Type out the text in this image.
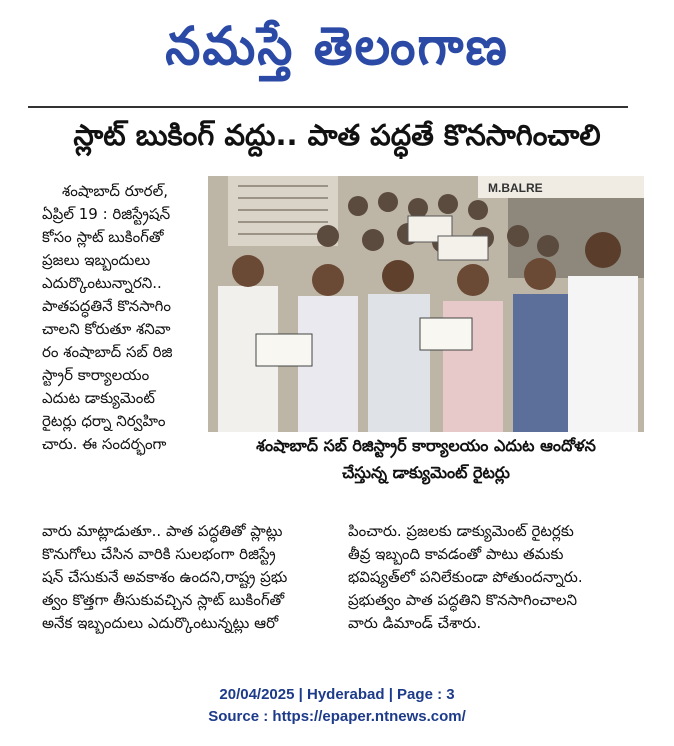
నమస్తే తెలంగాణ
స్లాట్ బుకింగ్ వద్దు.. పాత పద్ధతే కొనసాగించాలి

శంషాబాద్ రూరల్,

ఏప్రిల్ 19 : రిజిస్ట్రేషన్

కోసం స్లాట్ బుకింగ్‌తో

ప్రజలు ఇబ్బందులు

ఎదుర్కొంటున్నారని..

పాతపద్ధతినే కొనసాగిం

చాలని కోరుతూ శనివా

రం శంషాబాద్ సబ్ రిజి

స్ట్రార్ కార్యాలయం

ఎదుట డాక్యుమెంట్

రైటర్లు ధర్నా నిర్వహిం

చారు. ఈ సందర్భంగా

M.BALRE
శంషాబాద్ సబ్ రిజిస్ట్రార్ కార్యాలయం ఎదుట ఆందోళన
చేస్తున్న డాక్యుమెంట్ రైటర్లు

వారు మాట్లాడుతూ.. పాత పద్ధతితో ప్లాట్లు

కొనుగోలు చేసిన వారికి సులభంగా రిజిస్ట్రే

షన్ చేసుకునే అవకాశం ఉందని,రాష్ట్ర ప్రభు

త్వం కొత్తగా తీసుకువచ్చిన స్లాట్ బుకింగ్‌తో

అనేక ఇబ్బందులు ఎదుర్కొంటున్నట్లు ఆరో

పించారు. ప్రజలకు డాక్యుమెంట్ రైటర్లకు

తీవ్ర ఇబ్బంది కావడంతో పాటు తమకు

భవిష్యత్‌లో పనిలేకుండా పోతుందన్నారు.

ప్రభుత్వం పాత పద్ధతిని కొనసాగించాలని

వారు డిమాండ్ చేశారు.

20/04/2025 | Hyderabad | Page : 3
Source : https://epaper.ntnews.com/
